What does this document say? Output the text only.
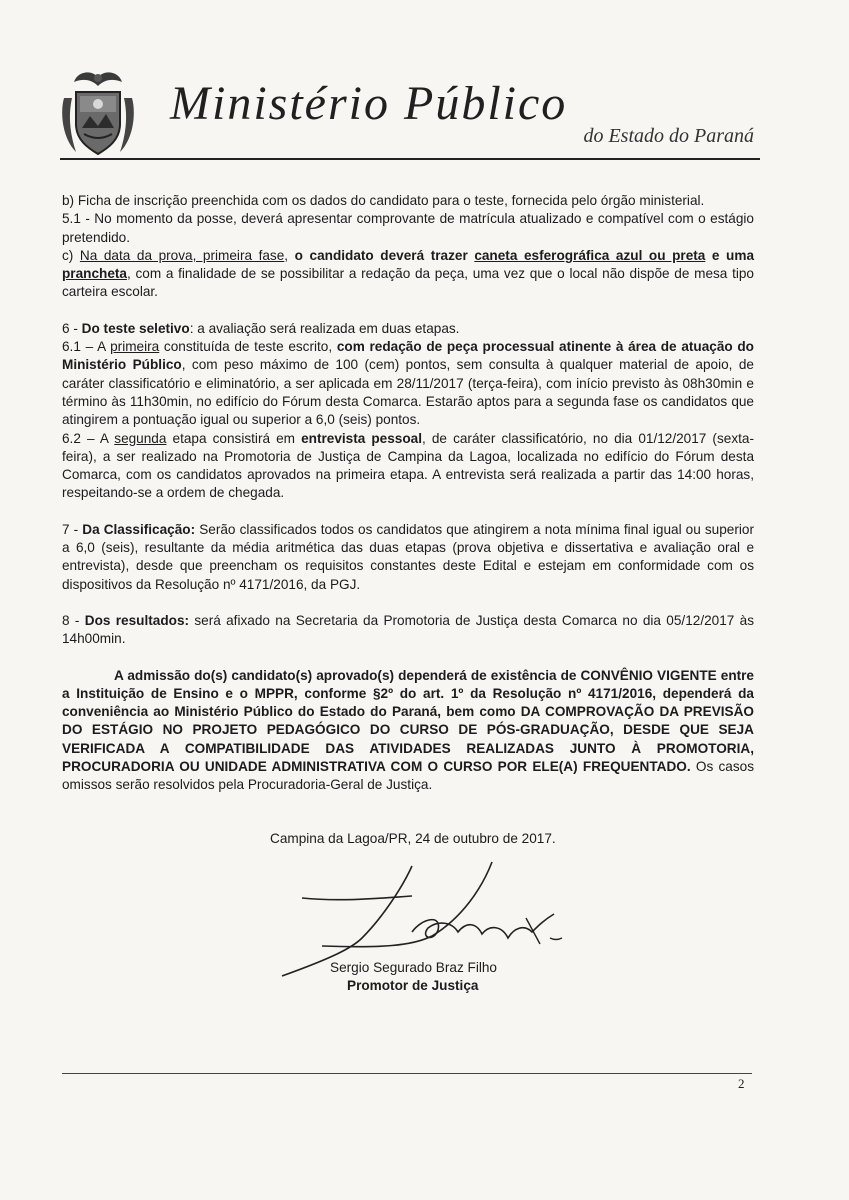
Ministério Público
do Estado do Paraná

b) Ficha de inscrição preenchida com os dados do candidato para o teste, fornecida pelo órgão ministerial.

5.1 - No momento da posse, deverá apresentar comprovante de matrícula atualizado e compatível com o estágio pretendido.

c) Na data da prova, primeira fase, o candidato deverá trazer caneta esferográfica azul ou preta e uma prancheta, com a finalidade de se possibilitar a redação da peça, uma vez que o local não dispõe de mesa tipo carteira escolar.

6 - Do teste seletivo: a avaliação será realizada em duas etapas.

6.1 – A primeira constituída de teste escrito, com redação de peça processual atinente à área de atuação do Ministério Público, com peso máximo de 100 (cem) pontos, sem consulta à qualquer material de apoio, de caráter classificatório e eliminatório, a ser aplicada em 28/11/2017 (terça-feira), com início previsto às 08h30min e término às 11h30min, no edifício do Fórum desta Comarca. Estarão aptos para a segunda fase os candidatos que atingirem a pontuação igual ou superior a 6,0 (seis) pontos.

6.2 – A segunda etapa consistirá em entrevista pessoal, de caráter classificatório, no dia 01/12/2017 (sexta-feira), a ser realizado na Promotoria de Justiça de Campina da Lagoa, localizada no edifício do Fórum desta Comarca, com os candidatos aprovados na primeira etapa. A entrevista será realizada a partir das 14:00 horas, respeitando-se a ordem de chegada.

7 - Da Classificação: Serão classificados todos os candidatos que atingirem a nota mínima final igual ou superior a 6,0 (seis), resultante da média aritmética das duas etapas (prova objetiva e dissertativa e avaliação oral e entrevista), desde que preencham os requisitos constantes deste Edital e estejam em conformidade com os dispositivos da Resolução nº 4171/2016, da PGJ.

8 - Dos resultados: será afixado na Secretaria da Promotoria de Justiça desta Comarca no dia 05/12/2017 às 14h00min.

A admissão do(s) candidato(s) aprovado(s) dependerá de existência de CONVÊNIO VIGENTE entre a Instituição de Ensino e o MPPR, conforme §2º do art. 1º da Resolução nº 4171/2016, dependerá da conveniência ao Ministério Público do Estado do Paraná, bem como DA COMPROVAÇÃO DA PREVISÃO DO ESTÁGIO NO PROJETO PEDAGÓGICO DO CURSO DE PÓS-GRADUAÇÃO, DESDE QUE SEJA VERIFICADA A COMPATIBILIDADE DAS ATIVIDADES REALIZADAS JUNTO À PROMOTORIA, PROCURADORIA OU UNIDADE ADMINISTRATIVA COM O CURSO POR ELE(A) FREQUENTADO. Os casos omissos serão resolvidos pela Procuradoria-Geral de Justiça.

Campina da Lagoa/PR, 24 de outubro de 2017.
Sergio Segurado Braz Filho
Promotor de Justiça
2
